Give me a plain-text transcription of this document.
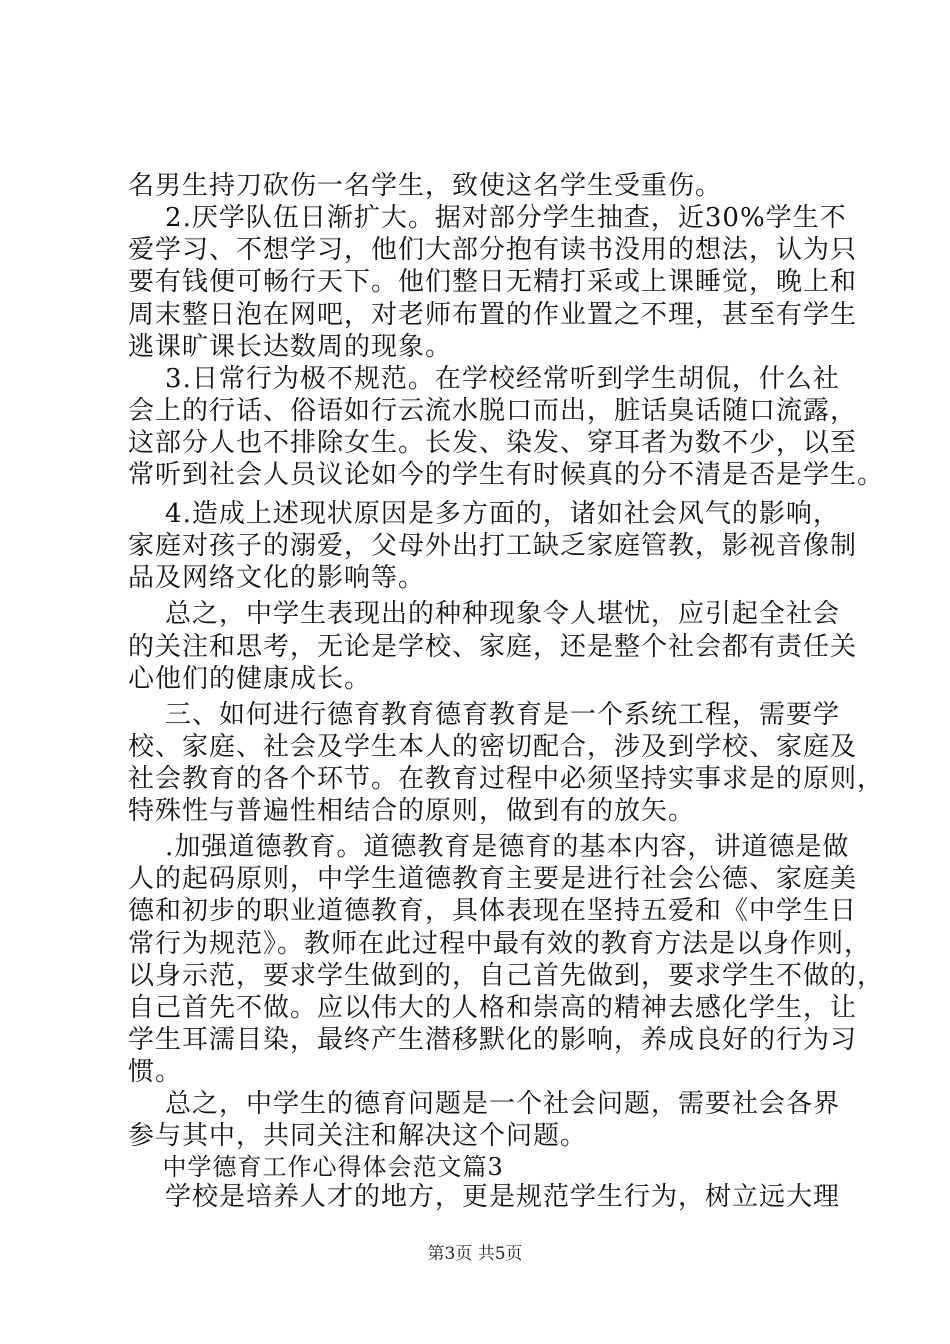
名男生持刀砍伤一名学生，致使这名学生受重伤。
2.厌学队伍日渐扩大。据对部分学生抽查，近30%学生不
爱学习、不想学习，他们大部分抱有读书没用的想法，认为只
要有钱便可畅行天下。他们整日无精打采或上课睡觉，晚上和
周末整日泡在网吧，对老师布置的作业置之不理，甚至有学生
逃课旷课长达数周的现象。
3.日常行为极不规范。在学校经常听到学生胡侃，什么社
会上的行话、俗语如行云流水脱口而出，脏话臭话随口流露，
这部分人也不排除女生。长发、染发、穿耳者为数不少，以至
常听到社会人员议论如今的学生有时候真的分不清是否是学生。
4.造成上述现状原因是多方面的，诸如社会风气的影响，
家庭对孩子的溺爱，父母外出打工缺乏家庭管教，影视音像制
品及网络文化的影响等。
总之，中学生表现出的种种现象令人堪忧，应引起全社会
的关注和思考，无论是学校、家庭，还是整个社会都有责任关
心他们的健康成长。
三、如何进行德育教育德育教育是一个系统工程，需要学
校、家庭、社会及学生本人的密切配合，涉及到学校、家庭及
社会教育的各个环节。在教育过程中必须坚持实事求是的原则，
特殊性与普遍性相结合的原则，做到有的放矢。
.加强道德教育。道德教育是德育的基本内容，讲道德是做
人的起码原则，中学生道德教育主要是进行社会公德、家庭美
德和初步的职业道德教育，具体表现在坚持五爱和《中学生日
常行为规范》。教师在此过程中最有效的教育方法是以身作则，
以身示范，要求学生做到的，自己首先做到，要求学生不做的，
自己首先不做。应以伟大的人格和崇高的精神去感化学生，让
学生耳濡目染，最终产生潜移默化的影响，养成良好的行为习
惯。
总之，中学生的德育问题是一个社会问题，需要社会各界
参与其中，共同关注和解决这个问题。
中学德育工作心得体会范文篇3
第3页 共5页
学校是培养人才的地方，更是规范学生行为，树立远大理
